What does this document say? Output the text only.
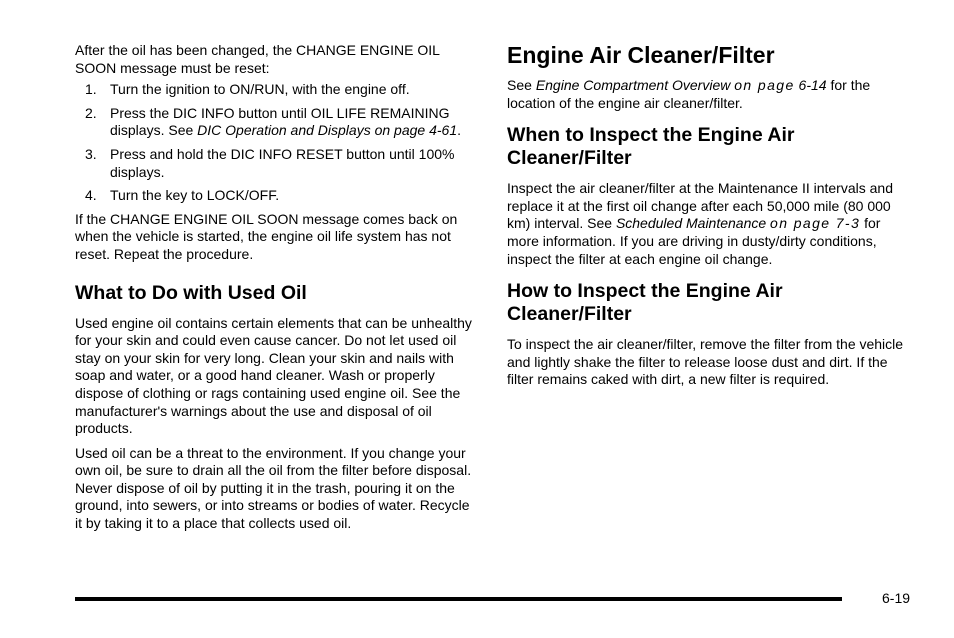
After the oil has been changed, the CHANGE ENGINE OIL SOON message must be reset:

1. Turn the ignition to ON/RUN, with the engine off.
2. Press the DIC INFO button until OIL LIFE REMAINING displays. See DIC Operation and Displays on page 4-61.
3. Press and hold the DIC INFO RESET button until 100% displays.
4. Turn the key to LOCK/OFF.

If the CHANGE ENGINE OIL SOON message comes back on when the vehicle is started, the engine oil life system has not reset. Repeat the procedure.

What to Do with Used Oil

Used engine oil contains certain elements that can be unhealthy for your skin and could even cause cancer. Do not let used oil stay on your skin for very long. Clean your skin and nails with soap and water, or a good hand cleaner. Wash or properly dispose of clothing or rags containing used engine oil. See the manufacturer's warnings about the use and disposal of oil products.

Used oil can be a threat to the environment. If you change your own oil, be sure to drain all the oil from the filter before disposal. Never dispose of oil by putting it in the trash, pouring it on the ground, into sewers, or into streams or bodies of water. Recycle it by taking it to a place that collects used oil.

Engine Air Cleaner/Filter

See Engine Compartment Overview on page 6-14 for the location of the engine air cleaner/filter.

When to Inspect the Engine Air Cleaner/Filter

Inspect the air cleaner/filter at the Maintenance II intervals and replace it at the first oil change after each 50,000 mile (80 000 km) interval. See Scheduled Maintenance on page 7-3 for more information. If you are driving in dusty/dirty conditions, inspect the filter at each engine oil change.

How to Inspect the Engine Air Cleaner/Filter

To inspect the air cleaner/filter, remove the filter from the vehicle and lightly shake the filter to release loose dust and dirt. If the filter remains caked with dirt, a new filter is required.

6-19
